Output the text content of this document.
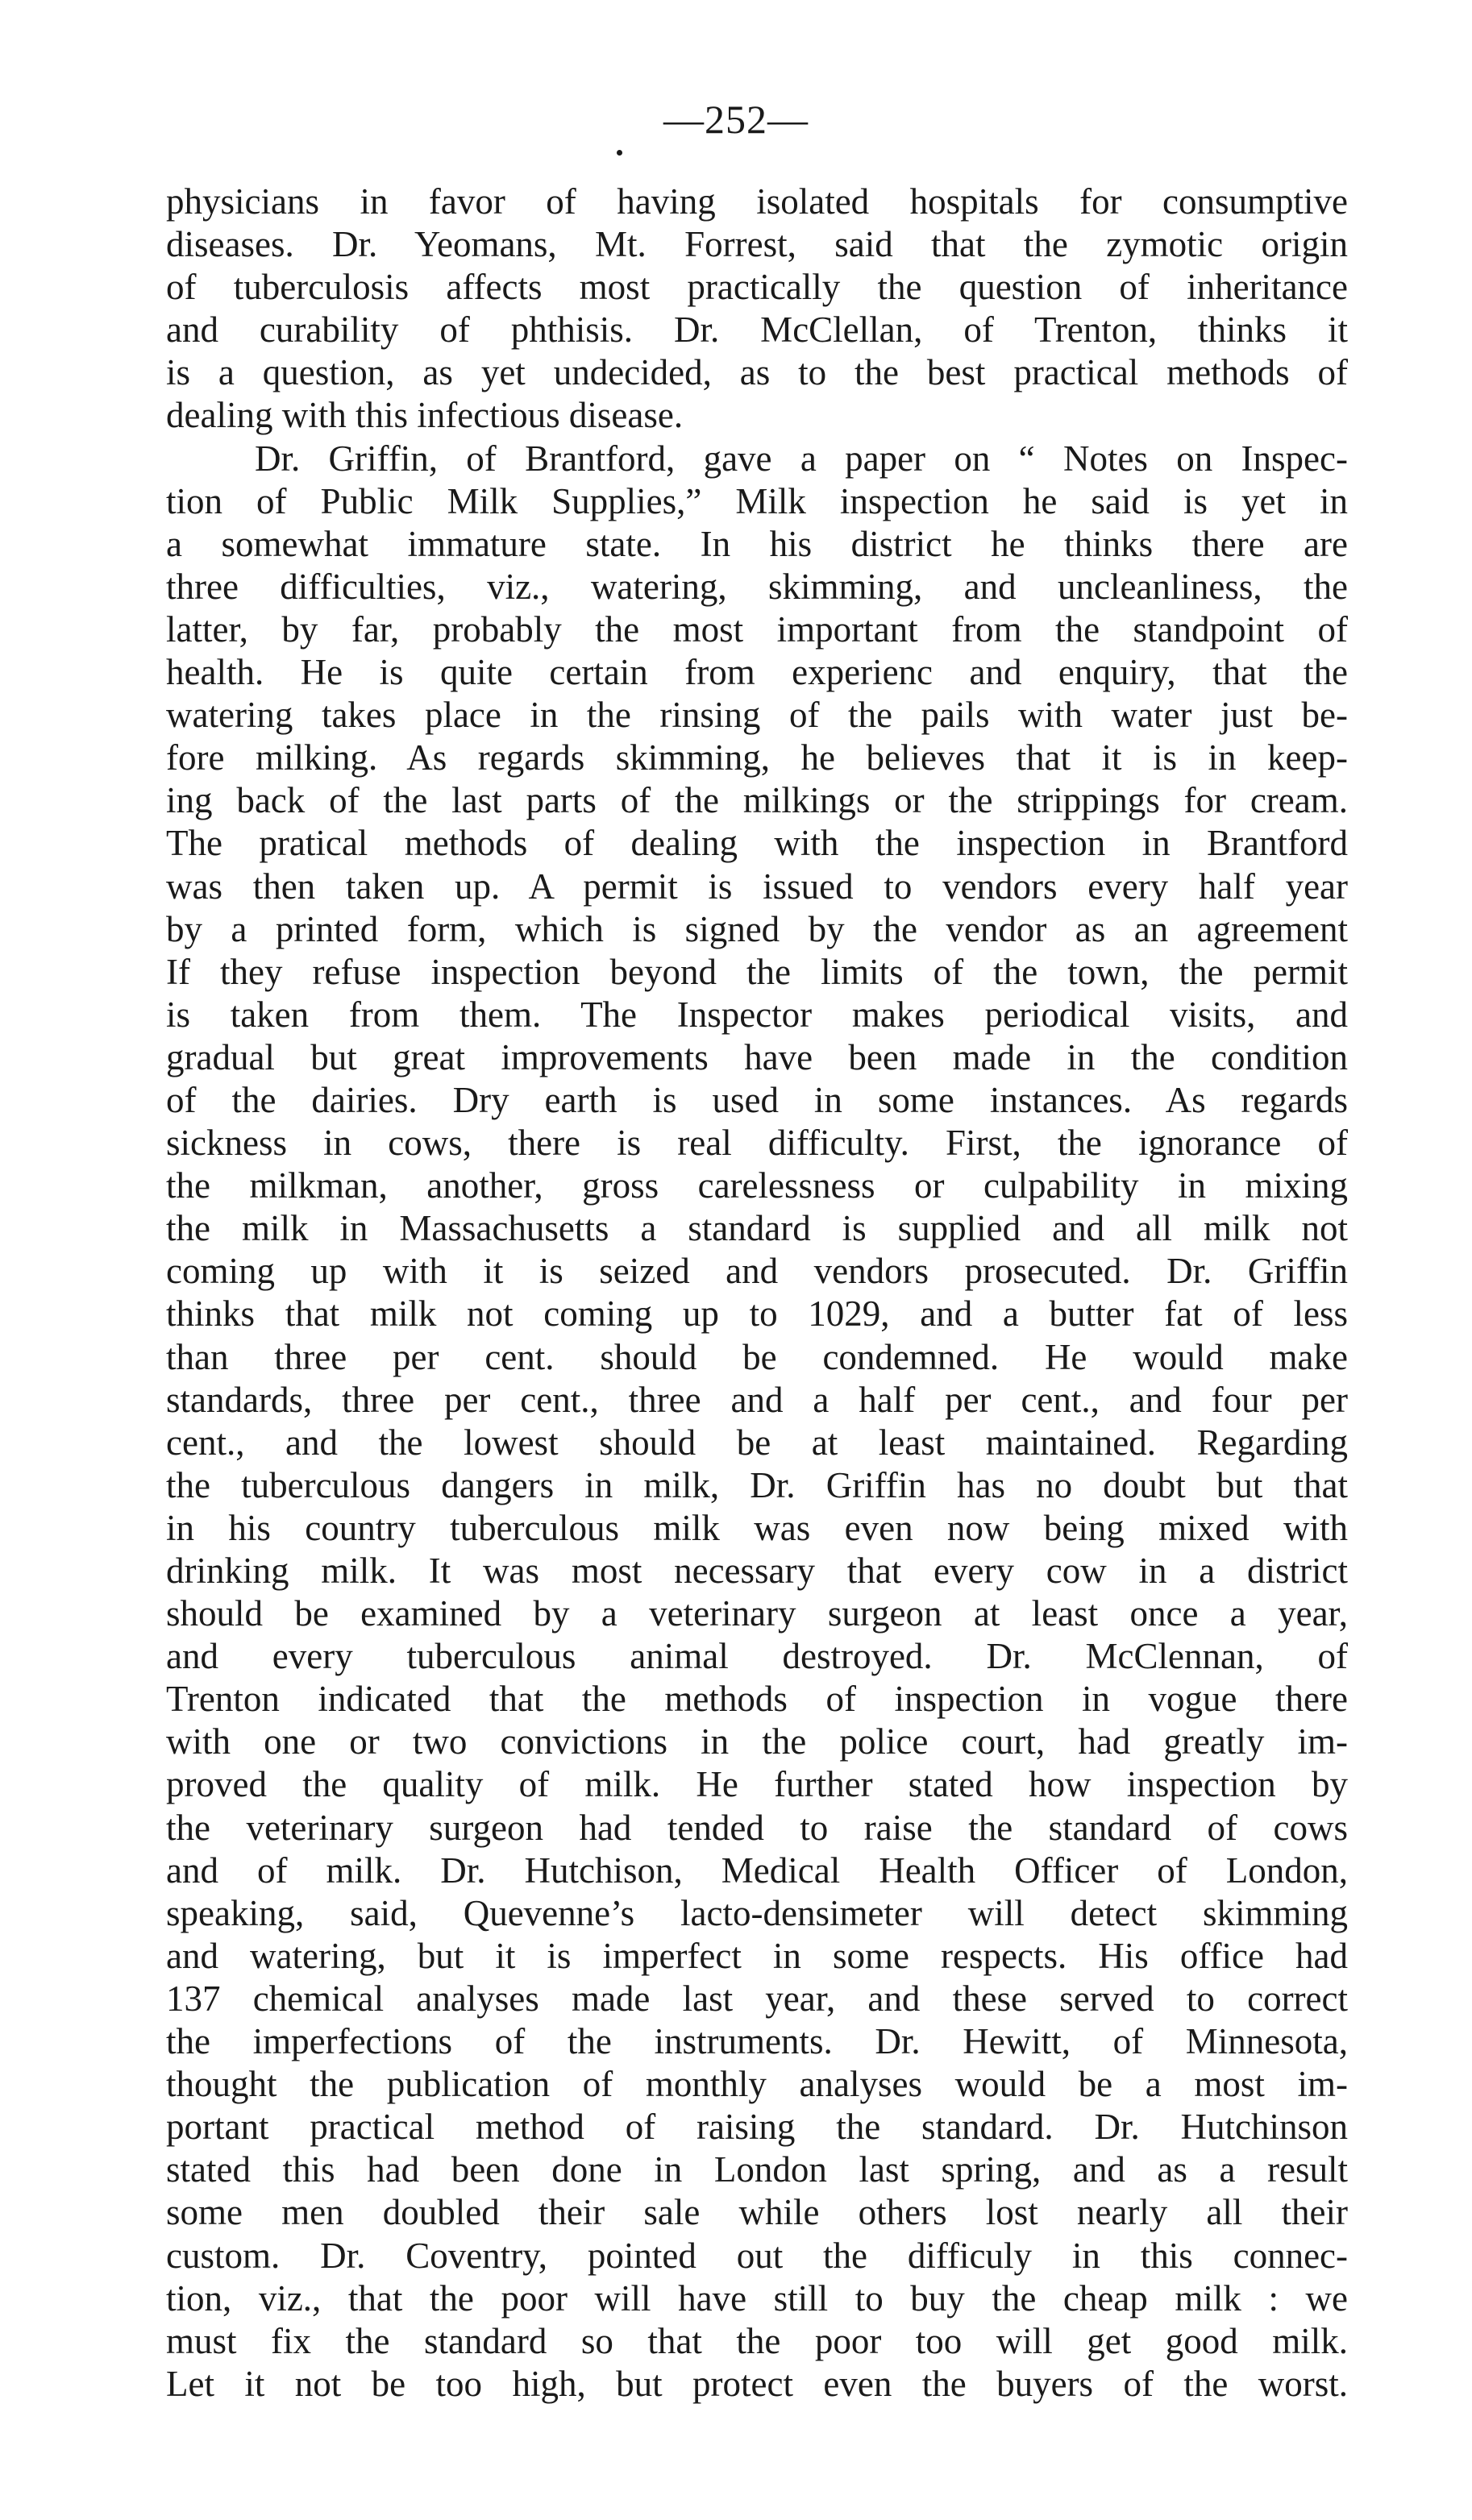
—252—
physicians in favor of having isolated hospitals for consumptive
diseases. Dr. Yeomans, Mt. Forrest, said that the zymotic origin
of tuberculosis affects most practically the question of inheritance
and curability of phthisis. Dr. McClellan, of Trenton, thinks it
is a question, as yet undecided, as to the best practical methods of
dealing with this infectious disease.
Dr. Griffin, of Brantford, gave a paper on “ Notes on Inspec-
tion of Public Milk Supplies,” Milk inspection he said is yet in
a somewhat immature state. In his district he thinks there are
three difficulties, viz., watering, skimming, and uncleanliness, the
latter, by far, probably the most important from the standpoint of
health. He is quite certain from experienc and enquiry, that the
watering takes place in the rinsing of the pails with water just be-
fore milking. As regards skimming, he believes that it is in keep-
ing back of the last parts of the milkings or the strippings for cream.
The pratical methods of dealing with the inspection in Brantford
was then taken up. A permit is issued to vendors every half year
by a printed form, which is signed by the vendor as an agreement
If they refuse inspection beyond the limits of the town, the permit
is taken from them. The Inspector makes periodical visits, and
gradual but great improvements have been made in the condition
of the dairies. Dry earth is used in some instances. As regards
sickness in cows, there is real difficulty. First, the ignorance of
the milkman, another, gross carelessness or culpability in mixing
the milk in Massachusetts a standard is supplied and all milk not
coming up with it is seized and vendors prosecuted. Dr. Griffin
thinks that milk not coming up to 1029, and a butter fat of less
than three per cent. should be condemned. He would make
standards, three per cent., three and a half per cent., and four per
cent., and the lowest should be at least maintained. Regarding
the tuberculous dangers in milk, Dr. Griffin has no doubt but that
in his country tuberculous milk was even now being mixed with
drinking milk. It was most necessary that every cow in a district
should be examined by a veterinary surgeon at least once a year,
and every tuberculous animal destroyed. Dr. McClennan, of
Trenton indicated that the methods of inspection in vogue there
with one or two convictions in the police court, had greatly im-
proved the quality of milk. He further stated how inspection by
the veterinary surgeon had tended to raise the standard of cows
and of milk. Dr. Hutchison, Medical Health Officer of London,
speaking, said, Quevenne’s lacto-densimeter will detect skimming
and watering, but it is imperfect in some respects. His office had
137 chemical analyses made last year, and these served to correct
the imperfections of the instruments. Dr. Hewitt, of Minnesota,
thought the publication of monthly analyses would be a most im-
portant practical method of raising the standard. Dr. Hutchinson
stated this had been done in London last spring, and as a result
some men doubled their sale while others lost nearly all their
custom. Dr. Coventry, pointed out the difficuly in this connec-
tion, viz., that the poor will have still to buy the cheap milk : we
must fix the standard so that the poor too will get good milk.
Let it not be too high, but protect even the buyers of the worst.
